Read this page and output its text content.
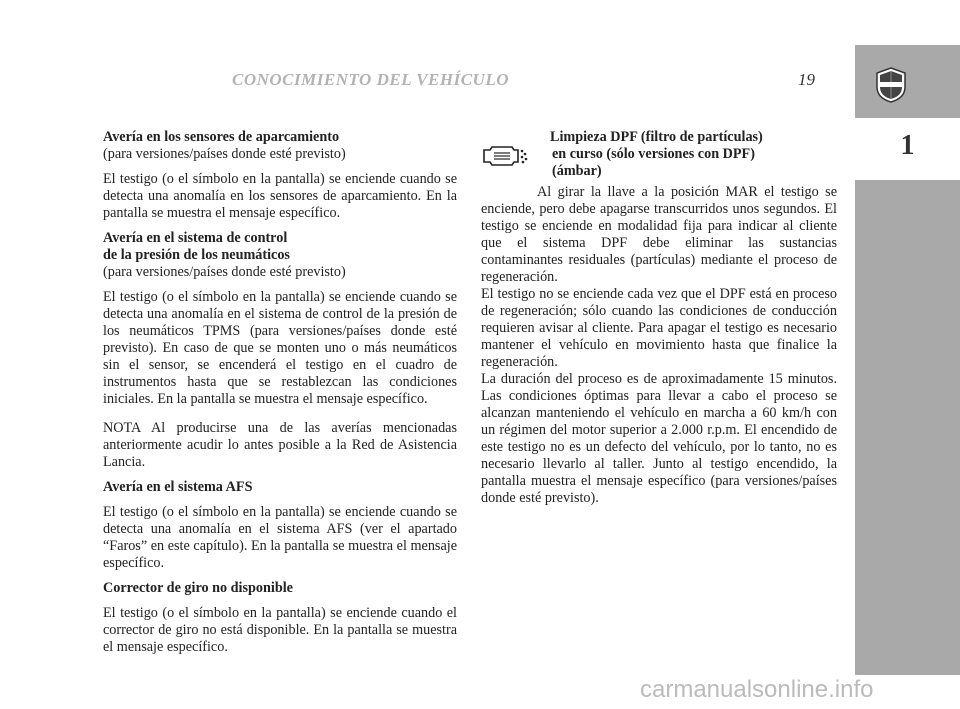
CONOCIMIENTO DEL VEHÍCULO	19
1

Avería en los sensores de aparcamiento

(para versiones/países donde esté previsto)

El testigo (o el símbolo en la pantalla) se enciende cuando se detecta una anomalía en los sensores de aparcamiento. En la pantalla se muestra el mensaje específico.

Avería en el sistema de control

de la presión de los neumáticos

(para versiones/países donde esté previsto)

El testigo (o el símbolo en la pantalla) se enciende cuando se detecta una anomalía en el sistema de control de la presión de los neumáticos TPMS (para versiones/países donde esté previsto). En caso de que se monten uno o más neumáticos sin el sensor, se encenderá el testigo en el cuadro de instrumentos hasta que se restablezcan las condiciones iniciales. En la pantalla se muestra el mensaje específico.

NOTA Al producirse una de las averías mencionadas anteriormente acudir lo antes posible a la Red de Asistencia Lancia.

Avería en el sistema AFS

El testigo (o el símbolo en la pantalla) se enciende cuando se detecta una anomalía en el sistema AFS (ver el apartado “Faros” en este capítulo). En la pantalla se muestra el mensaje específico.

Corrector de giro no disponible

El testigo (o el símbolo en la pantalla) se enciende cuando el corrector de giro no está disponible. En la pantalla se muestra el mensaje específico.

Limpieza DPF (filtro de partículas)
en curso (sólo versiones con DPF)
(ámbar)

Al girar la llave a la posición MAR el testigo se enciende, pero debe apagarse transcurridos unos segundos. El testigo se enciende en modalidad fija para indicar al cliente que el sistema DPF debe eliminar las sustancias contaminantes residuales (partículas) mediante el proceso de regeneración.

El testigo no se enciende cada vez que el DPF está en proceso de regeneración; sólo cuando las condiciones de conducción requieren avisar al cliente. Para apagar el testigo es necesario mantener el vehículo en movimiento hasta que finalice la regeneración.

La duración del proceso es de aproximadamente 15 minutos. Las condiciones óptimas para llevar a cabo el proceso se alcanzan manteniendo el vehículo en marcha a 60 km/h con un régimen del motor superior a 2.000 r.p.m. El encendido de este testigo no es un defecto del vehículo, por lo tanto, no es necesario llevarlo al taller. Junto al testigo encendido, la pantalla muestra el mensaje específico (para versiones/países donde esté previsto).

carmanualsonline.info
